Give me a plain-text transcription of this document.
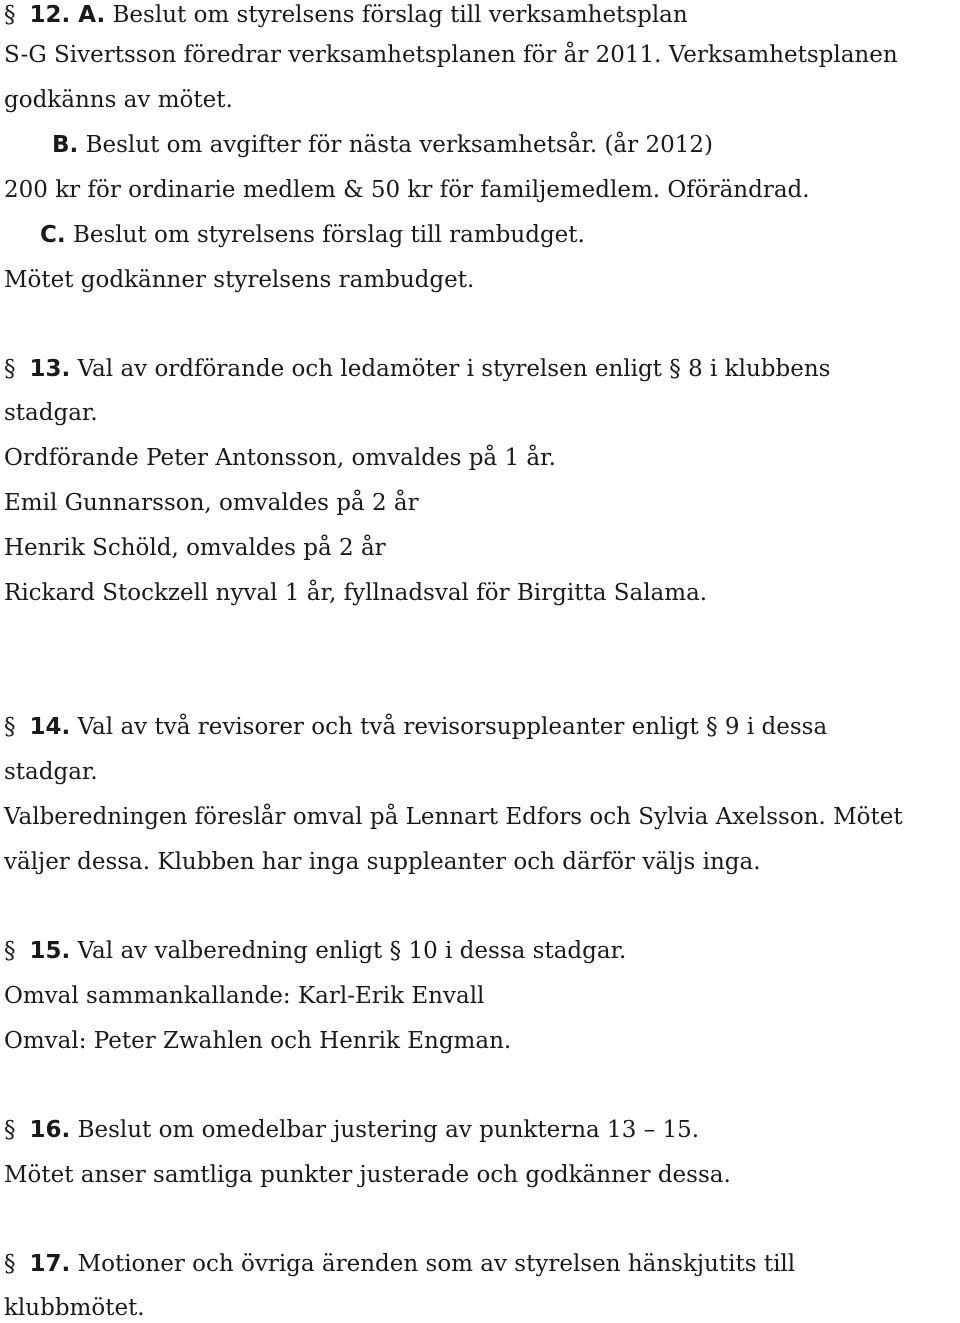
§ 12. A. Beslut om styrelsens förslag till verksamhetsplan
S-G Sivertsson föredrar verksamhetsplanen för år 2011. Verksamhetsplanen
godkänns av mötet.
B. Beslut om avgifter för nästa verksamhetsår. (år 2012)
200 kr för ordinarie medlem & 50 kr för familjemedlem. Oförändrad.
C. Beslut om styrelsens förslag till rambudget.
Mötet godkänner styrelsens rambudget.
§ 13. Val av ordförande och ledamöter i styrelsen enligt § 8 i klubbens
stadgar.
Ordförande Peter Antonsson, omvaldes på 1 år.
Emil Gunnarsson, omvaldes på 2 år
Henrik Schöld, omvaldes på 2 år
Rickard Stockzell nyval 1 år, fyllnadsval för Birgitta Salama.
§ 14. Val av två revisorer och två revisorsuppleanter enligt § 9 i dessa
stadgar.
Valberedningen föreslår omval på Lennart Edfors och Sylvia Axelsson. Mötet
väljer dessa. Klubben har inga suppleanter och därför väljs inga.
§ 15. Val av valberedning enligt § 10 i dessa stadgar.
Omval sammankallande: Karl-Erik Envall
Omval: Peter Zwahlen och Henrik Engman.
§ 16. Beslut om omedelbar justering av punkterna 13 – 15.
Mötet anser samtliga punkter justerade och godkänner dessa.
§ 17. Motioner och övriga ärenden som av styrelsen hänskjutits till
klubbmötet.
